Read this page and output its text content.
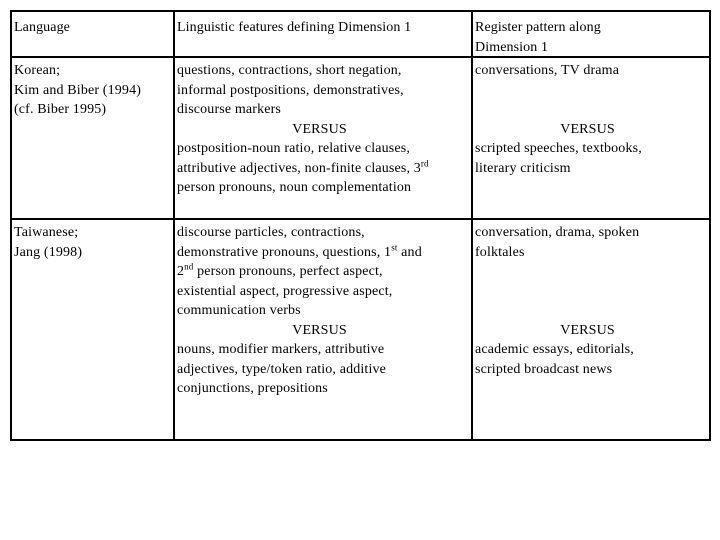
Language	Linguistic features defining Dimension 1	Register pattern along

Dimension 1

Korean;

Kim and Biber (1994)

(cf. Biber 1995)

questions, contractions, short negation,

informal postpositions, demonstratives,

discourse markers

VERSUS

postposition-noun ratio, relative clauses,

attributive adjectives, non-finite clauses, 3rd

person pronouns, noun complementation

conversations, TV drama

VERSUS

scripted speeches, textbooks,

literary criticism

Taiwanese;

Jang (1998)

discourse particles, contractions,

demonstrative pronouns, questions, 1st and

2nd person pronouns, perfect aspect,

existential aspect, progressive aspect,

communication verbs

VERSUS

nouns, modifier markers, attributive

adjectives, type/token ratio, additive

conjunctions, prepositions

conversation, drama, spoken

folktales

VERSUS

academic essays, editorials,

scripted broadcast news
